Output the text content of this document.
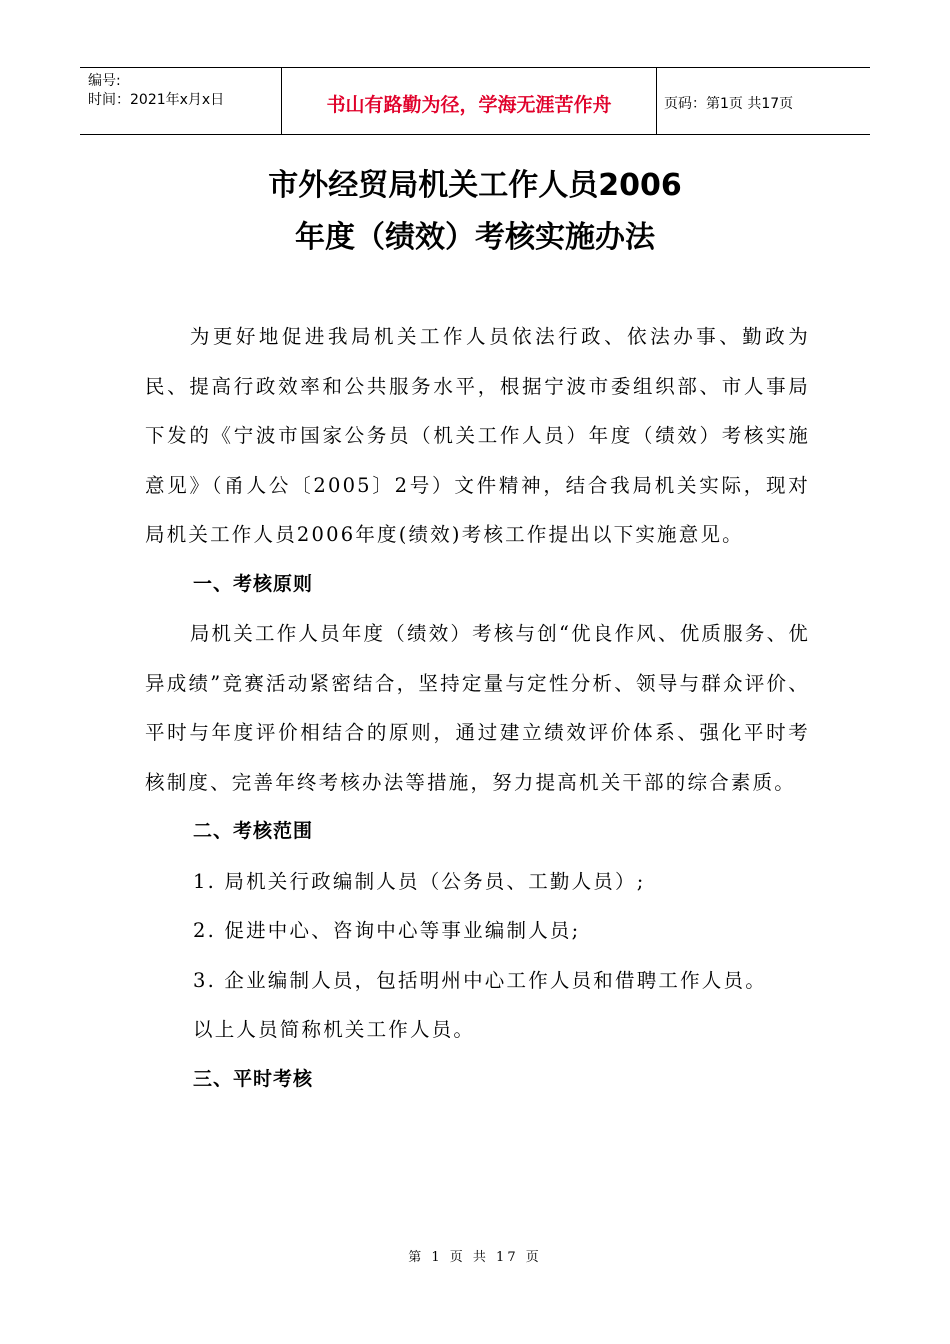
编号:
时间：2021年x月x日	书山有路勤为径，学海无涯苦作舟	页码：第1页 共17页
市外经贸局机关工作人员2006
年度（绩效）考核实施办法

为更好地促进我局机关工作人员依法行政、依法办事、勤政为民、提高行政效率和公共服务水平，根据宁波市委组织部、市人事局下发的《宁波市国家公务员（机关工作人员）年度（绩效）考核实施意见》（甬人公〔2005〕2号）文件精神，结合我局机关实际，现对局机关工作人员2006年度(绩效)考核工作提出以下实施意见。

一、考核原则

局机关工作人员年度（绩效）考核与创“优良作风、优质服务、优异成绩”竞赛活动紧密结合，坚持定量与定性分析、领导与群众评价、平时与年度评价相结合的原则，通过建立绩效评价体系、强化平时考核制度、完善年终考核办法等措施，努力提高机关干部的综合素质。

二、考核范围

1. 局机关行政编制人员（公务员、工勤人员）;

2. 促进中心、咨询中心等事业编制人员;

3. 企业编制人员，包括明州中心工作人员和借聘工作人员。

以上人员简称机关工作人员。

三、平时考核

第 1 页 共 17 页
